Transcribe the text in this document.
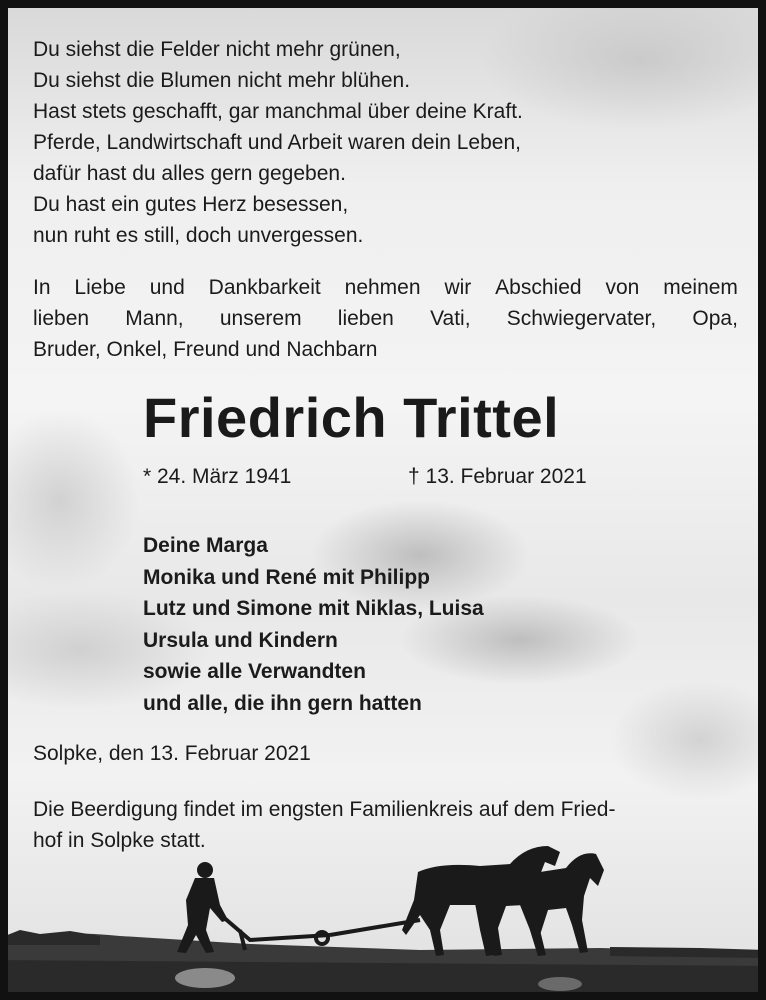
Du siehst die Felder nicht mehr grünen,
Du siehst die Blumen nicht mehr blühen.
Hast stets geschafft, gar manchmal über deine Kraft.
Pferde, Landwirtschaft und Arbeit waren dein Leben,
dafür hast du alles gern gegeben.
Du hast ein gutes Herz besessen,
nun ruht es still, doch unvergessen.
In Liebe und Dankbarkeit nehmen wir Abschied von meinem
lieben Mann, unserem lieben Vati, Schwiegervater, Opa,
Bruder, Onkel, Freund und Nachbarn
Friedrich Trittel
* 24. März 1941	† 13. Februar 2021
Deine Marga
Monika und René mit Philipp
Lutz und Simone mit Niklas, Luisa
Ursula und Kindern
sowie alle Verwandten
und alle, die ihn gern hatten
Solpke, den 13. Februar 2021
Die Beerdigung findet im engsten Familienkreis auf dem Fried-
hof in Solpke statt.
